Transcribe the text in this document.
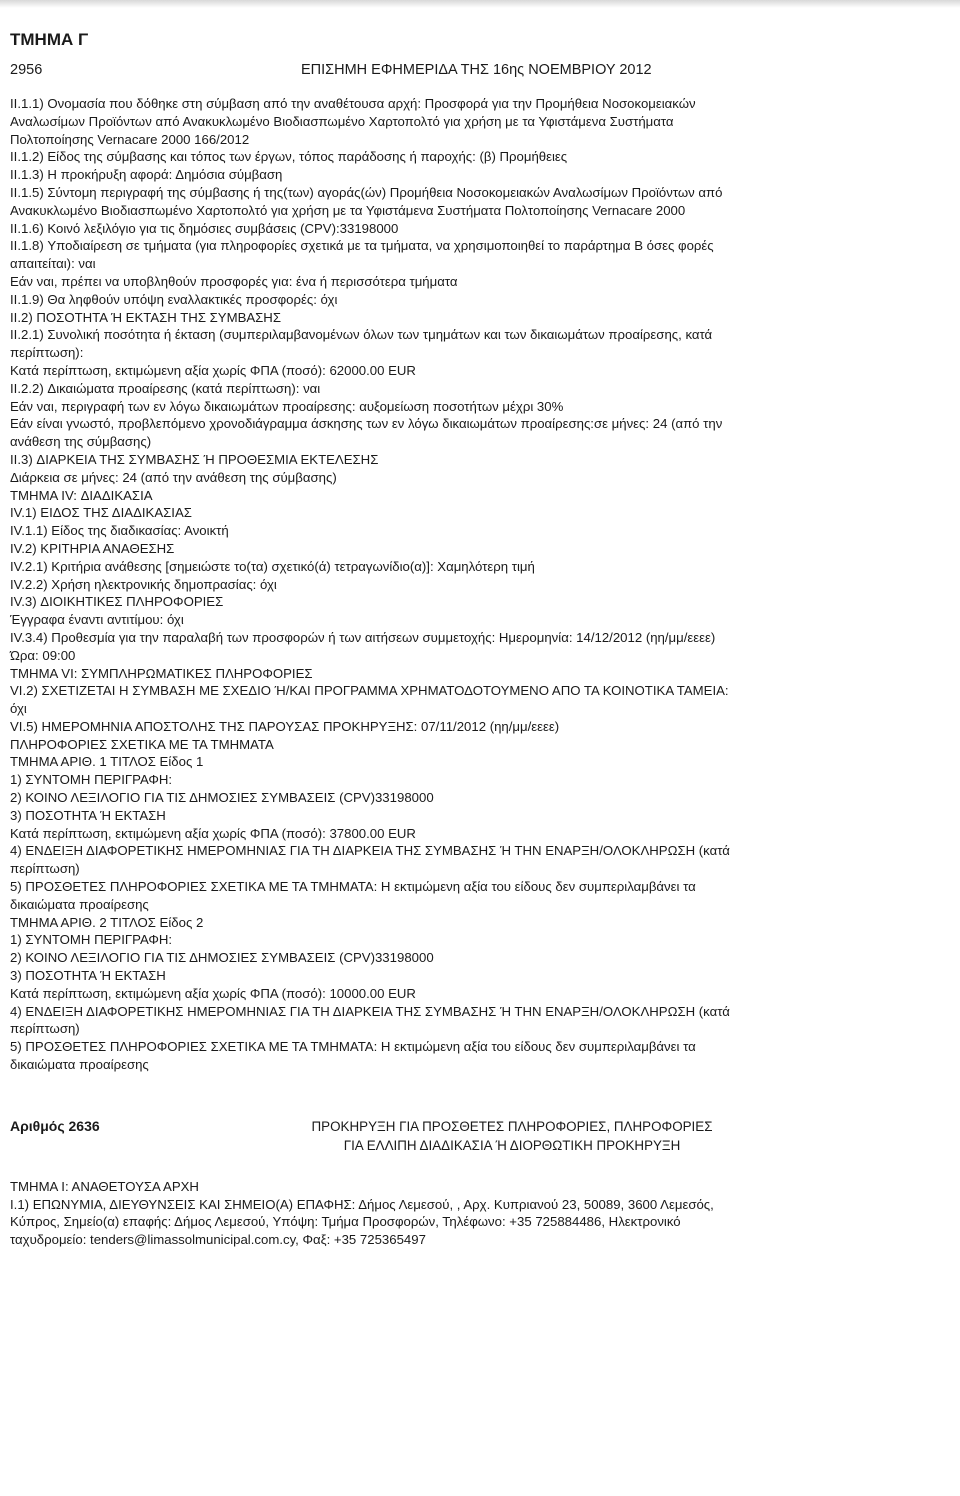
ΤΜΗΜΑ Γ
2956	ΕΠΙΣΗΜΗ ΕΦΗΜΕΡΙΔΑ ΤΗΣ 16ης ΝΟΕΜΒΡΙΟΥ 2012

II.1.1) Ονομασία που δόθηκε στη σύμβαση από την αναθέτουσα αρχή: Προσφορά για την Προμήθεια Νοσοκομειακών

Αναλωσίμων Προϊόντων από Ανακυκλωμένο Βιοδιασπωμένο Χαρτοπολτό για χρήση με τα Υφιστάμενα Συστήματα

Πολτοποίησης Vernacare 2000 166/2012

II.1.2) Είδος της σύμβασης και τόπος των έργων, τόπος παράδοσης ή παροχής: (β) Προμήθειες

II.1.3) Η προκήρυξη αφορά: Δημόσια σύμβαση

II.1.5) Σύντομη περιγραφή της σύμβασης ή της(των) αγοράς(ών) Προμήθεια Νοσοκομειακών Αναλωσίμων Προϊόντων από

Ανακυκλωμένο Βιοδιασπωμένο Χαρτοπολτό για χρήση με τα Υφιστάμενα Συστήματα Πολτοποίησης Vernacare 2000

II.1.6) Κοινό λεξιλόγιο για τις δημόσιες συμβάσεις (CPV):33198000

II.1.8) Υποδιαίρεση σε τμήματα (για πληροφορίες σχετικά με τα τμήματα, να χρησιμοποιηθεί το παράρτημα Β όσες φορές

απαιτείται): ναι

Εάν ναι, πρέπει να υποβληθούν προσφορές για: ένα ή περισσότερα τμήματα

II.1.9) Θα ληφθούν υπόψη εναλλακτικές προσφορές: όχι

II.2) ΠΟΣΟΤΗΤΑ Ή ΕΚΤΑΣΗ ΤΗΣ ΣΥΜΒΑΣΗΣ

II.2.1) Συνολική ποσότητα ή έκταση (συμπεριλαμβανομένων όλων των τμημάτων και των δικαιωμάτων προαίρεσης, κατά

περίπτωση):

Κατά περίπτωση, εκτιμώμενη αξία χωρίς ΦΠΑ (ποσό): 62000.00 EUR

II.2.2) Δικαιώματα προαίρεσης (κατά περίπτωση): ναι

Εάν ναι, περιγραφή των εν λόγω δικαιωμάτων προαίρεσης: αυξομείωση ποσοτήτων μέχρι 30%

Εάν είναι γνωστό, προβλεπόμενο χρονοδιάγραμμα άσκησης των εν λόγω δικαιωμάτων προαίρεσης:σε μήνες: 24 (από την

ανάθεση της σύμβασης)

II.3) ΔΙΑΡΚΕΙΑ ΤΗΣ ΣΥΜΒΑΣΗΣ Ή ΠΡΟΘΕΣΜΙΑ ΕΚΤΕΛΕΣΗΣ

Διάρκεια σε μήνες: 24 (από την ανάθεση της σύμβασης)

ΤΜΗΜΑ IV: ΔΙΑΔΙΚΑΣΙΑ

IV.1) ΕΙΔΟΣ ΤΗΣ ΔΙΑΔΙΚΑΣΙΑΣ

IV.1.1) Είδος της διαδικασίας: Ανοικτή

IV.2) ΚΡΙΤΗΡΙΑ ΑΝΑΘΕΣΗΣ

IV.2.1) Κριτήρια ανάθεσης [σημειώστε το(τα) σχετικό(ά) τετραγωνίδιο(α)]: Χαμηλότερη τιμή

IV.2.2) Χρήση ηλεκτρονικής δημοπρασίας: όχι

IV.3) ΔΙΟΙΚΗΤΙΚΕΣ ΠΛΗΡΟΦΟΡΙΕΣ

Έγγραφα έναντι αντιτίμου: όχι

IV.3.4) Προθεσμία για την παραλαβή των προσφορών ή των αιτήσεων συμμετοχής: Ημερομηνία: 14/12/2012 (ηη/μμ/εεεε)

Ώρα: 09:00

ΤΜΗΜΑ VI: ΣΥΜΠΛΗΡΩΜΑΤΙΚΕΣ ΠΛΗΡΟΦΟΡΙΕΣ

VI.2) ΣΧΕΤΙΖΕΤΑΙ Η ΣΥΜΒΑΣΗ ΜΕ ΣΧΕΔΙΟ Ή/ΚΑΙ ΠΡΟΓΡΑΜΜΑ ΧΡΗΜΑΤΟΔΟΤΟΥΜΕΝΟ ΑΠΟ ΤΑ ΚΟΙΝΟΤΙΚΑ ΤΑΜΕΙΑ:

όχι

VI.5) ΗΜΕΡΟΜΗΝΙΑ ΑΠΟΣΤΟΛΗΣ ΤΗΣ ΠΑΡΟΥΣΑΣ ΠΡΟΚΗΡΥΞΗΣ: 07/11/2012 (ηη/μμ/εεεε)

ΠΛΗΡΟΦΟΡΙΕΣ ΣΧΕΤΙΚΑ ΜΕ ΤΑ ΤΜΗΜΑΤΑ

ΤΜΗΜΑ ΑΡΙΘ. 1 ΤΙΤΛΟΣ Είδος 1

1) ΣΥΝΤΟΜΗ ΠΕΡΙΓΡΑΦΗ:

2) ΚΟΙΝΟ ΛΕΞΙΛΟΓΙΟ ΓΙΑ ΤΙΣ ΔΗΜΟΣΙΕΣ ΣΥΜΒΑΣΕΙΣ (CPV)33198000

3) ΠΟΣΟΤΗΤΑ Ή ΕΚΤΑΣΗ

Κατά περίπτωση, εκτιμώμενη αξία χωρίς ΦΠΑ (ποσό): 37800.00 EUR

4) ΕΝΔΕΙΞΗ ΔΙΑΦΟΡΕΤΙΚΗΣ ΗΜΕΡΟΜΗΝΙΑΣ ΓΙΑ ΤΗ ΔΙΑΡΚΕΙΑ ΤΗΣ ΣΥΜΒΑΣΗΣ Ή ΤΗΝ ΕΝΑΡΞΗ/ΟΛΟΚΛΗΡΩΣΗ (κατά

περίπτωση)

5) ΠΡΟΣΘΕΤΕΣ ΠΛΗΡΟΦΟΡΙΕΣ ΣΧΕΤΙΚΑ ΜΕ ΤΑ ΤΜΗΜΑΤΑ: Η εκτιμώμενη αξία του είδους δεν συμπεριλαμβάνει τα

δικαιώματα προαίρεσης

ΤΜΗΜΑ ΑΡΙΘ. 2 ΤΙΤΛΟΣ Είδος 2

1) ΣΥΝΤΟΜΗ ΠΕΡΙΓΡΑΦΗ:

2) ΚΟΙΝΟ ΛΕΞΙΛΟΓΙΟ ΓΙΑ ΤΙΣ ΔΗΜΟΣΙΕΣ ΣΥΜΒΑΣΕΙΣ (CPV)33198000

3) ΠΟΣΟΤΗΤΑ Ή ΕΚΤΑΣΗ

Κατά περίπτωση, εκτιμώμενη αξία χωρίς ΦΠΑ (ποσό): 10000.00 EUR

4) ΕΝΔΕΙΞΗ ΔΙΑΦΟΡΕΤΙΚΗΣ ΗΜΕΡΟΜΗΝΙΑΣ ΓΙΑ ΤΗ ΔΙΑΡΚΕΙΑ ΤΗΣ ΣΥΜΒΑΣΗΣ Ή ΤΗΝ ΕΝΑΡΞΗ/ΟΛΟΚΛΗΡΩΣΗ (κατά

περίπτωση)

5) ΠΡΟΣΘΕΤΕΣ ΠΛΗΡΟΦΟΡΙΕΣ ΣΧΕΤΙΚΑ ΜΕ ΤΑ ΤΜΗΜΑΤΑ: Η εκτιμώμενη αξία του είδους δεν συμπεριλαμβάνει τα

δικαιώματα προαίρεσης

Αριθμός 2636	ΠΡΟΚΗΡΥΞΗ ΓΙΑ ΠΡΟΣΘΕΤΕΣ ΠΛΗΡΟΦΟΡΙΕΣ, ΠΛΗΡΟΦΟΡΙΕΣ
ΓΙΑ ΕΛΛΙΠΗ ΔΙΑΔΙΚΑΣΙΑ Ή ΔΙΟΡΘΩΤΙΚΗ ΠΡΟΚΗΡΥΞΗ

ΤΜΗΜΑ Ι: ΑΝΑΘΕΤΟΥΣΑ ΑΡΧΗ

I.1) ΕΠΩΝΥΜΙΑ, ΔΙΕΥΘΥΝΣΕΙΣ ΚΑΙ ΣΗΜΕΙΟ(Α) ΕΠΑΦΗΣ: Δήμος Λεμεσού, , Αρχ. Κυπριανού 23, 50089, 3600 Λεμεσός,

Κύπρος, Σημείο(α) επαφής: Δήμος Λεμεσού, Υπόψη: Τμήμα Προσφορών, Τηλέφωνο: +35 725884486, Ηλεκτρονικό

ταχυδρομείο: tenders@limassolmunicipal.com.cy, Φαξ: +35 725365497
